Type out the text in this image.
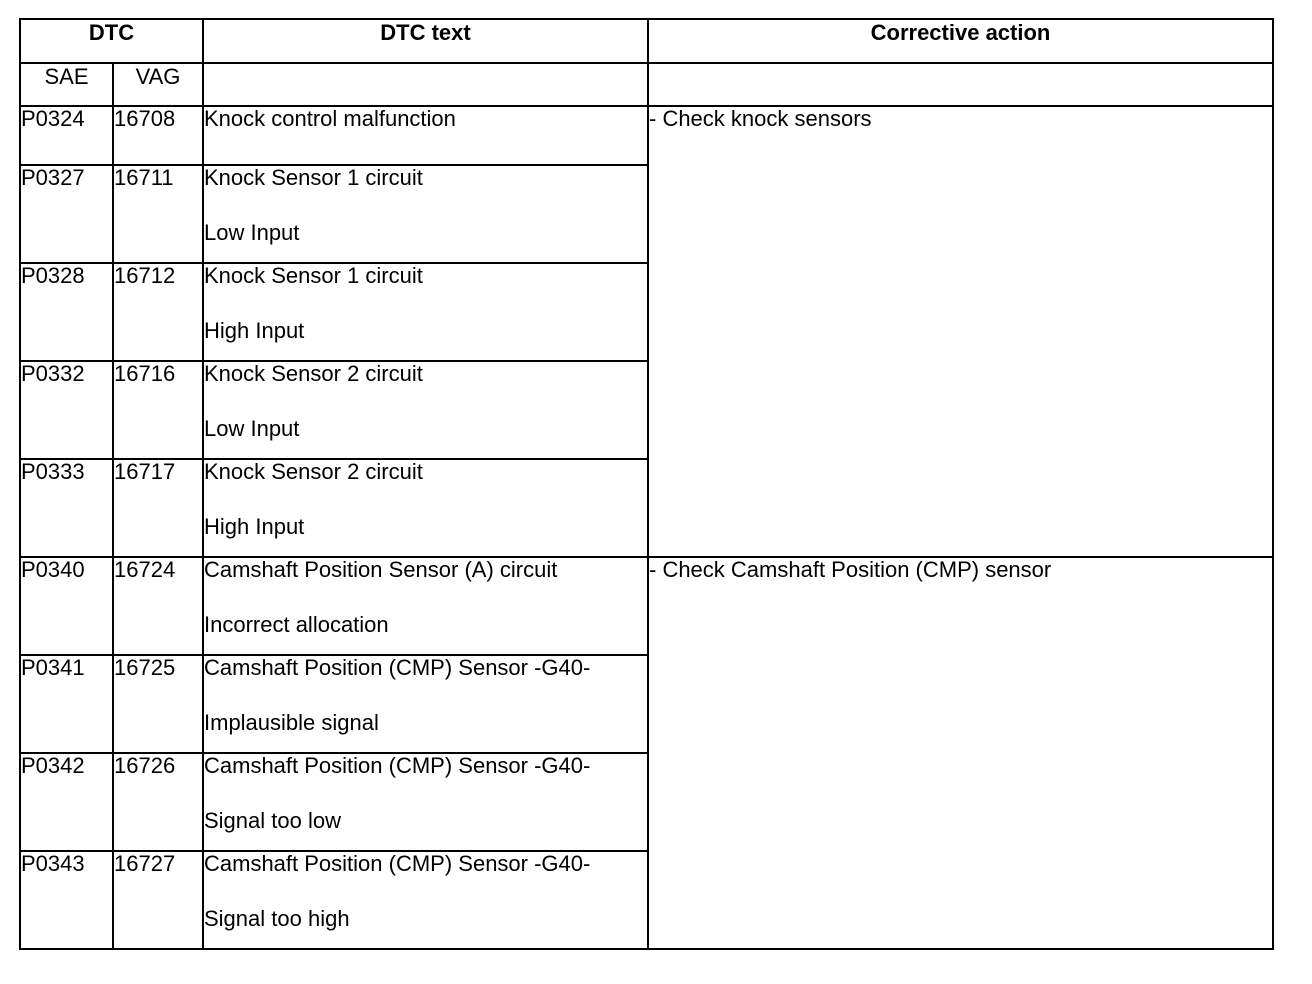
DTC		DTC text	Corrective action
SAE	VAG		
P0324	16708	Knock control malfunction	- Check knock sensors
P0327	16711	Knock Sensor 1 circuit
Low Input	

P0328	16712	Knock Sensor 1 circuit
High Input	

P0332	16716	Knock Sensor 2 circuit
Low Input	

P0333	16717	Knock Sensor 2 circuit
High Input	

P0340	16724	Camshaft Position Sensor (A) circuit
Incorrect allocation	- Check Camshaft Position (CMP) sensor
P0341	16725	Camshaft Position (CMP) Sensor -G40-
Implausible signal	

P0342	16726	Camshaft Position (CMP) Sensor -G40-
Signal too low	

P0343	16727	Camshaft Position (CMP) Sensor -G40-
Signal too high	
